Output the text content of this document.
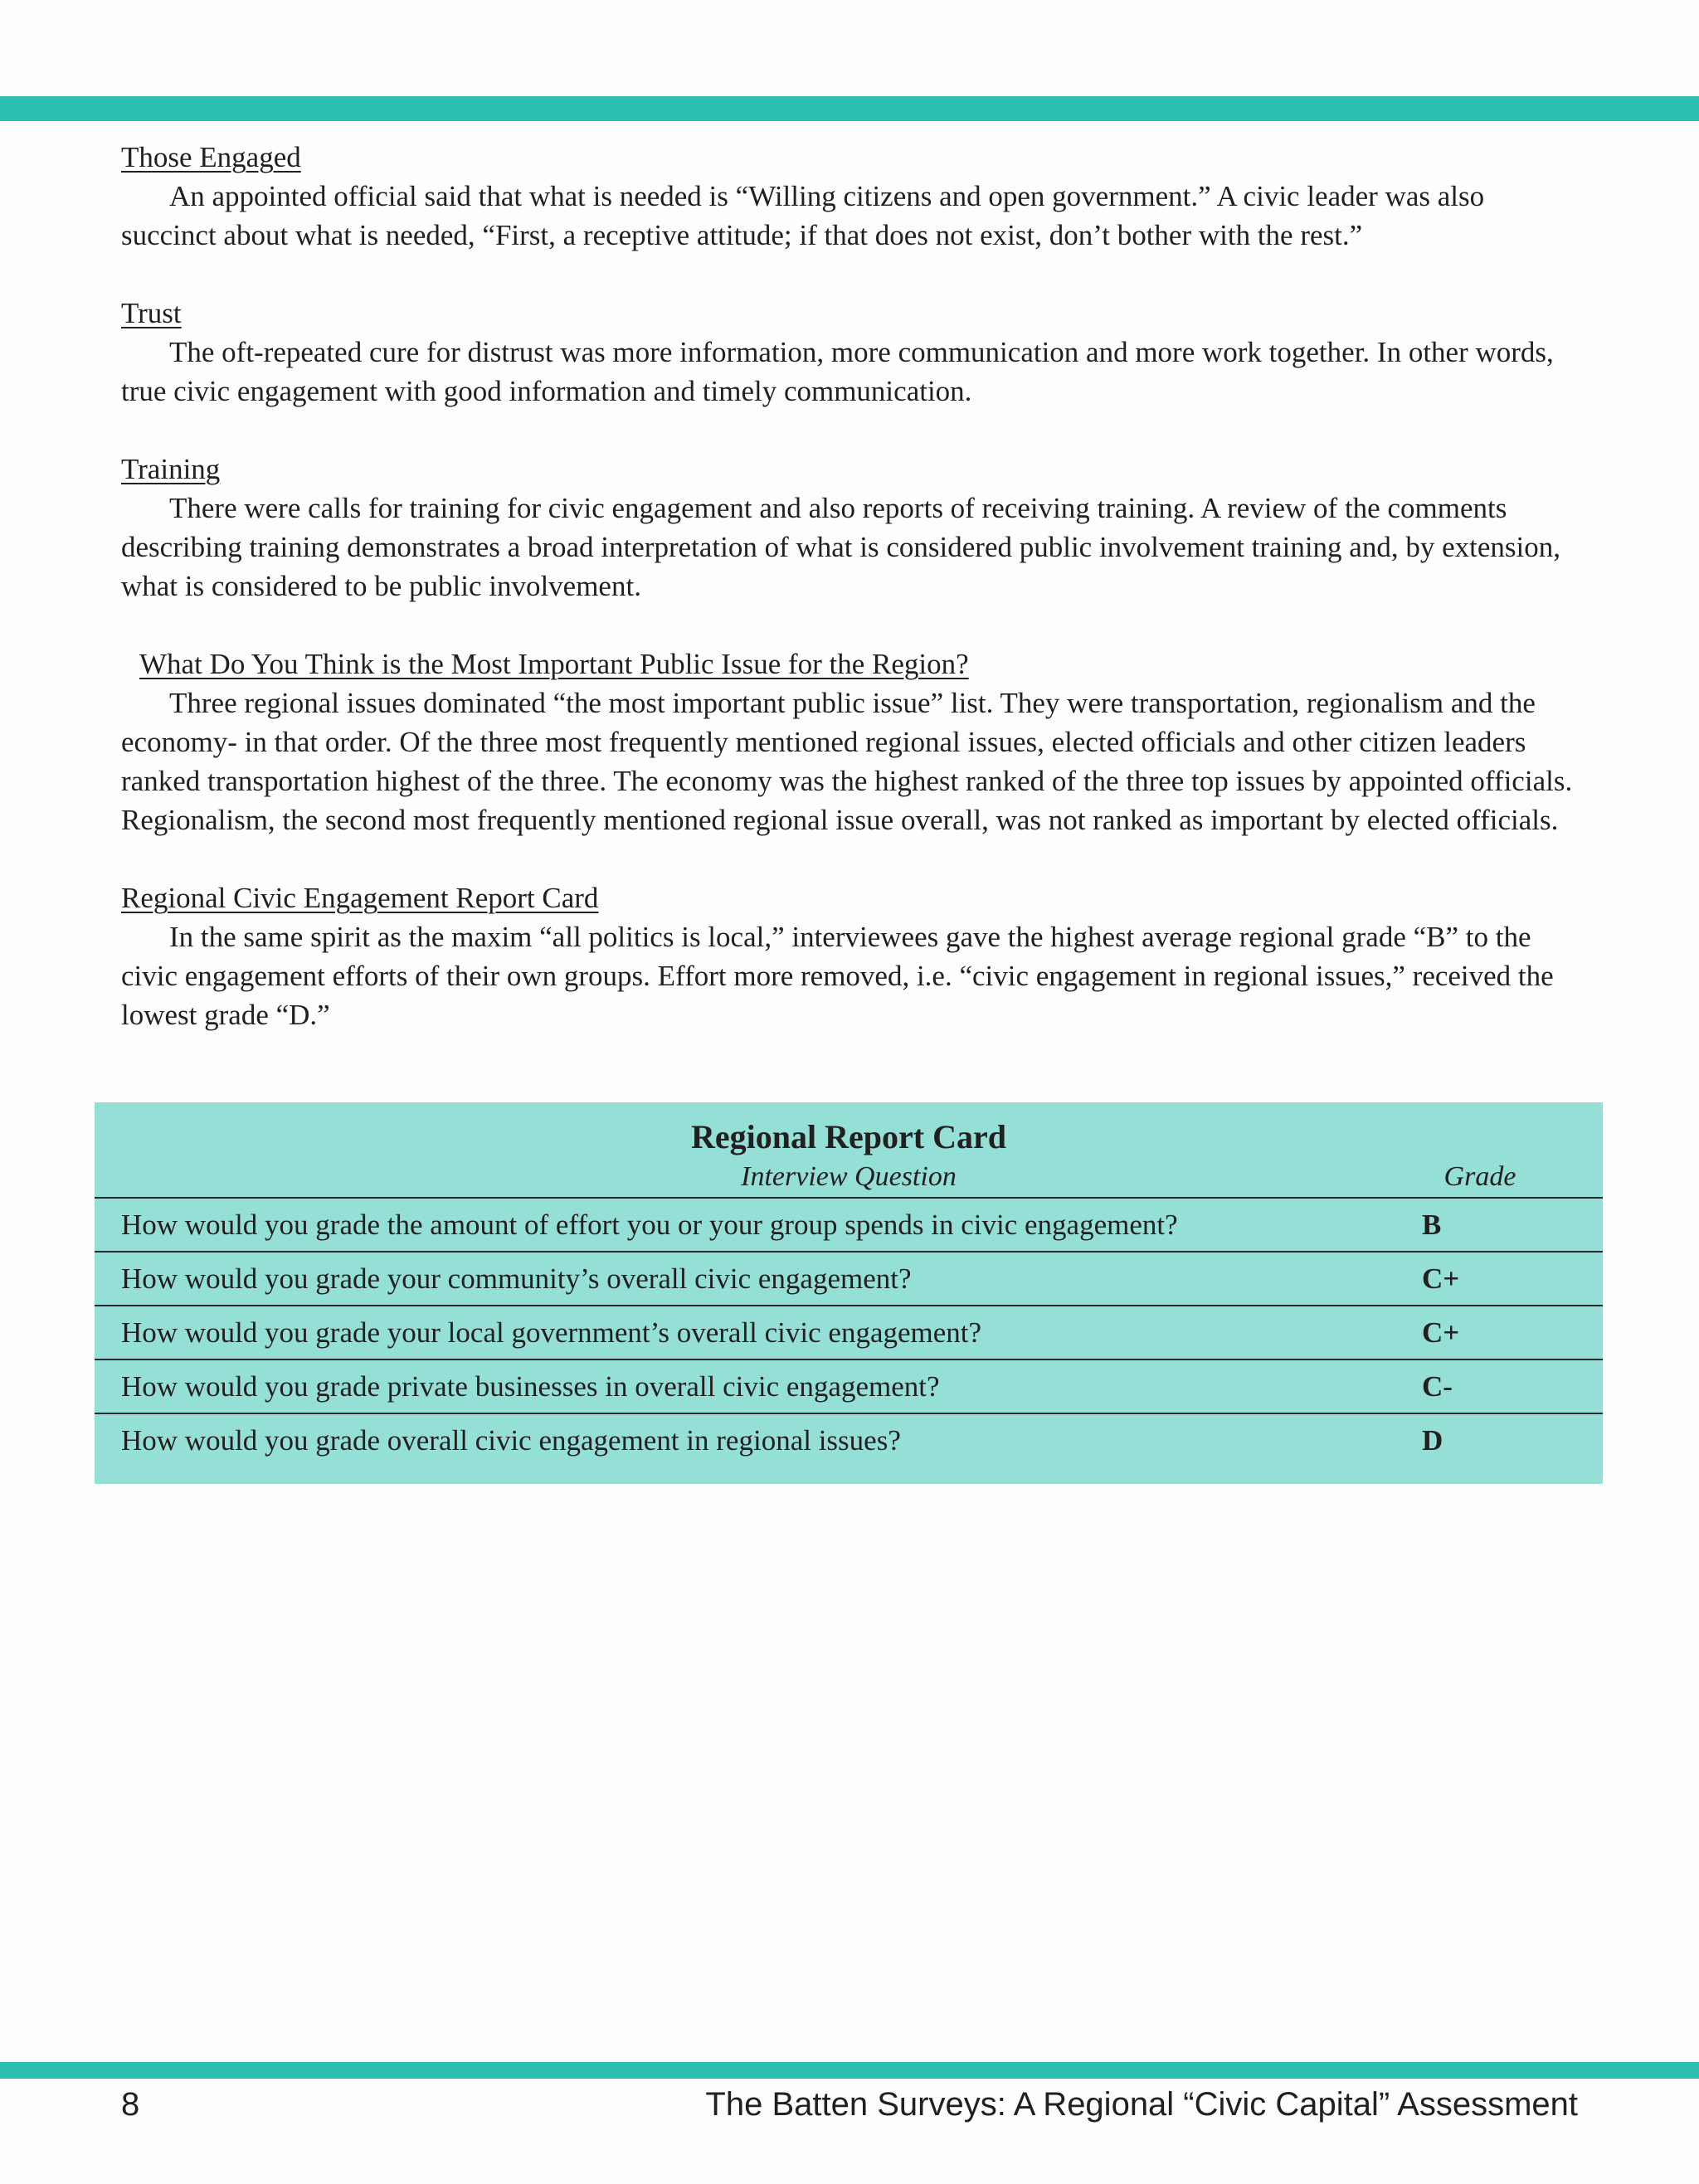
Those Engaged

An appointed official said that what is needed is “Willing citizens and open government.” A civic leader was also succinct about what is needed, “First, a receptive attitude; if that does not exist, don’t bother with the rest.”

Trust

The oft-repeated cure for distrust was more information, more communication and more work together. In other words, true civic engagement with good information and timely communication.

Training

There were calls for training for civic engagement and also reports of receiving training. A review of the comments describing training demonstrates a broad interpretation of what is considered public involvement training and, by extension, what is considered to be public involvement.

What Do You Think is the Most Important Public Issue for the Region?

Three regional issues dominated “the most important public issue” list. They were transportation, regionalism and the economy- in that order. Of the three most frequently mentioned regional issues, elected officials and other citizen leaders ranked transportation highest of the three. The economy was the highest ranked of the three top issues by appointed officials. Regionalism, the second most frequently mentioned regional issue overall, was not ranked as important by elected officials.

Regional Civic Engagement Report Card

In the same spirit as the maxim “all politics is local,” interviewees gave the highest average regional grade “B” to the civic engagement efforts of their own groups. Effort more removed, i.e. “civic engagement in regional issues,” received the lowest grade “D.”

Regional Report Card
Interview Question	Grade
How would you grade the amount of effort you or your group spends in civic engagement?	B
How would you grade your community’s overall civic engagement?	C+
How would you grade your local government’s overall civic engagement?	C+
How would you grade private businesses in overall civic engagement?	C-
How would you grade overall civic engagement in regional issues?	D
8	The Batten Surveys: A Regional “Civic Capital” Assessment
